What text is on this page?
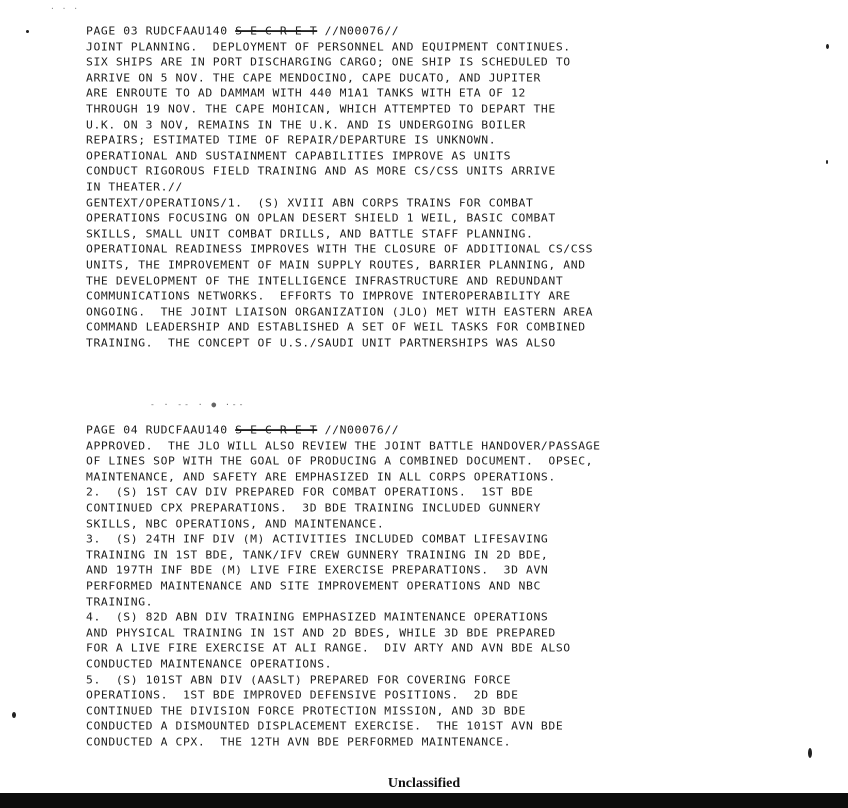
· · ·
PAGE 03 RUDCFAAU140 S E C R E T //N00076//
JOINT PLANNING.  DEPLOYMENT OF PERSONNEL AND EQUIPMENT CONTINUES.
SIX SHIPS ARE IN PORT DISCHARGING CARGO; ONE SHIP IS SCHEDULED TO
ARRIVE ON 5 NOV. THE CAPE MENDOCINO, CAPE DUCATO, AND JUPITER
ARE ENROUTE TO AD DAMMAM WITH 440 M1A1 TANKS WITH ETA OF 12
THROUGH 19 NOV. THE CAPE MOHICAN, WHICH ATTEMPTED TO DEPART THE
U.K. ON 3 NOV, REMAINS IN THE U.K. AND IS UNDERGOING BOILER
REPAIRS; ESTIMATED TIME OF REPAIR/DEPARTURE IS UNKNOWN.
OPERATIONAL AND SUSTAINMENT CAPABILITIES IMPROVE AS UNITS
CONDUCT RIGOROUS FIELD TRAINING AND AS MORE CS/CSS UNITS ARRIVE
IN THEATER.//
GENTEXT/OPERATIONS/1.  (S) XVIII ABN CORPS TRAINS FOR COMBAT
OPERATIONS FOCUSING ON OPLAN DESERT SHIELD 1 WEIL, BASIC COMBAT
SKILLS, SMALL UNIT COMBAT DRILLS, AND BATTLE STAFF PLANNING.
OPERATIONAL READINESS IMPROVES WITH THE CLOSURE OF ADDITIONAL CS/CSS
UNITS, THE IMPROVEMENT OF MAIN SUPPLY ROUTES, BARRIER PLANNING, AND
THE DEVELOPMENT OF THE INTELLIGENCE INFRASTRUCTURE AND REDUNDANT
COMMUNICATIONS NETWORKS.  EFFORTS TO IMPROVE INTEROPERABILITY ARE
ONGOING.  THE JOINT LIAISON ORGANIZATION (JLO) MET WITH EASTERN AREA
COMMAND LEADERSHIP AND ESTABLISHED A SET OF WEIL TASKS FOR COMBINED
TRAINING.  THE CONCEPT OF U.S./SAUDI UNIT PARTNERSHIPS WAS ALSO
- · -- · ● ·--
PAGE 04 RUDCFAAU140 S E C R E T //N00076//
APPROVED.  THE JLO WILL ALSO REVIEW THE JOINT BATTLE HANDOVER/PASSAGE
OF LINES SOP WITH THE GOAL OF PRODUCING A COMBINED DOCUMENT.  OPSEC,
MAINTENANCE, AND SAFETY ARE EMPHASIZED IN ALL CORPS OPERATIONS.
2.  (S) 1ST CAV DIV PREPARED FOR COMBAT OPERATIONS.  1ST BDE
CONTINUED CPX PREPARATIONS.  3D BDE TRAINING INCLUDED GUNNERY
SKILLS, NBC OPERATIONS, AND MAINTENANCE.
3.  (S) 24TH INF DIV (M) ACTIVITIES INCLUDED COMBAT LIFESAVING
TRAINING IN 1ST BDE, TANK/IFV CREW GUNNERY TRAINING IN 2D BDE,
AND 197TH INF BDE (M) LIVE FIRE EXERCISE PREPARATIONS.  3D AVN
PERFORMED MAINTENANCE AND SITE IMPROVEMENT OPERATIONS AND NBC
TRAINING.
4.  (S) 82D ABN DIV TRAINING EMPHASIZED MAINTENANCE OPERATIONS
AND PHYSICAL TRAINING IN 1ST AND 2D BDES, WHILE 3D BDE PREPARED
FOR A LIVE FIRE EXERCISE AT ALI RANGE.  DIV ARTY AND AVN BDE ALSO
CONDUCTED MAINTENANCE OPERATIONS.
5.  (S) 101ST ABN DIV (AASLT) PREPARED FOR COVERING FORCE
OPERATIONS.  1ST BDE IMPROVED DEFENSIVE POSITIONS.  2D BDE
CONTINUED THE DIVISION FORCE PROTECTION MISSION, AND 3D BDE
CONDUCTED A DISMOUNTED DISPLACEMENT EXERCISE.  THE 101ST AVN BDE
CONDUCTED A CPX.  THE 12TH AVN BDE PERFORMED MAINTENANCE.
Unclassified
